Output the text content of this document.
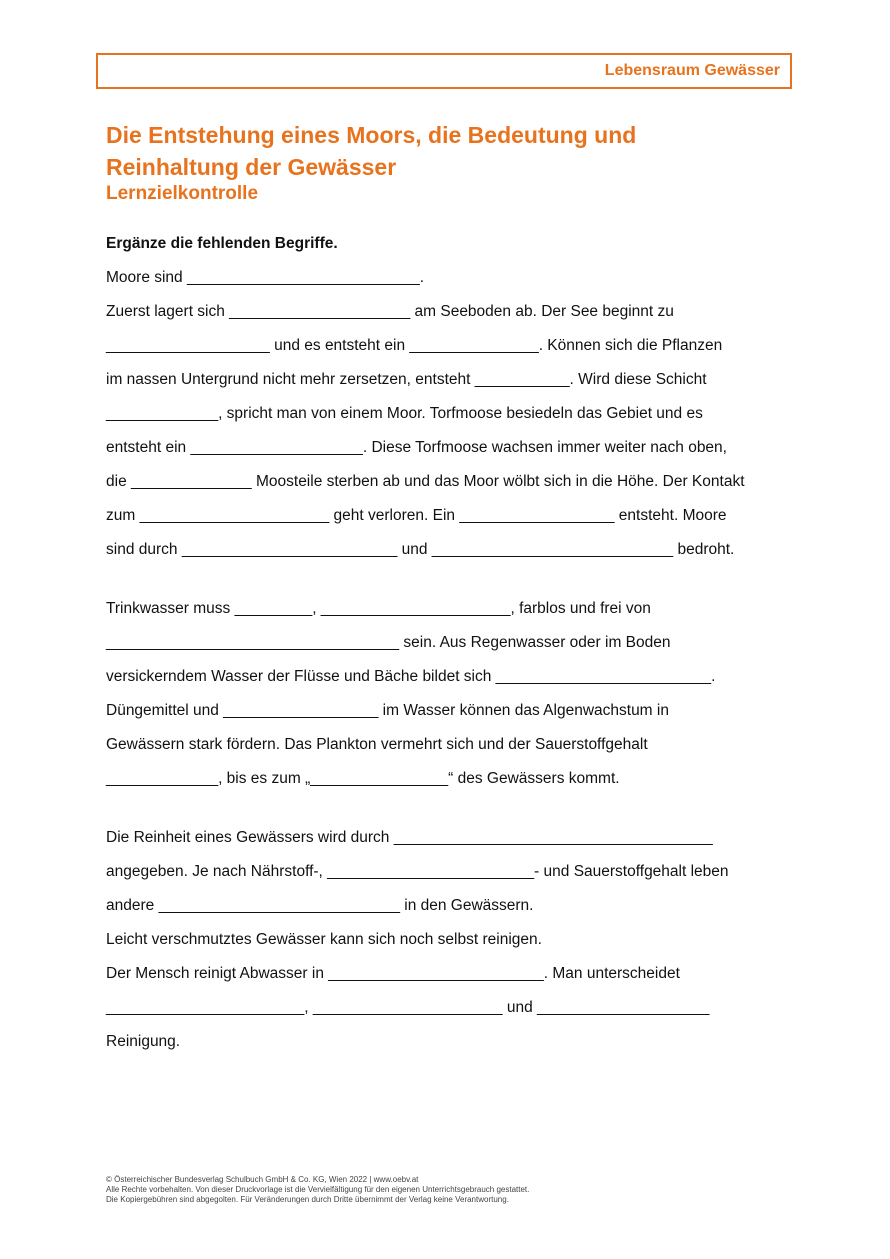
Lebensraum Gewässer
Die Entstehung eines Moors, die Bedeutung und
Reinhaltung der Gewässer
Lernzielkontrolle
Ergänze die fehlenden Begriffe.
Moore sind ___________________________.
Zuerst lagert sich _____________________ am Seeboden ab. Der See beginnt zu
___________________ und es entsteht ein _______________. Können sich die Pflanzen
im nassen Untergrund nicht mehr zersetzen, entsteht ___________. Wird diese Schicht
_____________, spricht man von einem Moor. Torfmoose besiedeln das Gebiet und es
entsteht ein ____________________. Diese Torfmoose wachsen immer weiter nach oben,
die ______________ Moosteile sterben ab und das Moor wölbt sich in die Höhe. Der Kontakt
zum ______________________ geht verloren. Ein __________________ entsteht. Moore
sind durch _________________________ und ____________________________ bedroht.
Trinkwasser muss _________, ______________________, farblos und frei von
__________________________________ sein. Aus Regenwasser oder im Boden
versickerndem Wasser der Flüsse und Bäche bildet sich _________________________.
Düngemittel und __________________ im Wasser können das Algenwachstum in
Gewässern stark fördern. Das Plankton vermehrt sich und der Sauerstoffgehalt
_____________, bis es zum „________________“ des Gewässers kommt.
Die Reinheit eines Gewässers wird durch _____________________________________
angegeben. Je nach Nährstoff-, ________________________- und Sauerstoffgehalt leben
andere ____________________________ in den Gewässern.
Leicht verschmutztes Gewässer kann sich noch selbst reinigen.
Der Mensch reinigt Abwasser in _________________________. Man unterscheidet
_______________________, ______________________ und ____________________
Reinigung.
© Österreichischer Bundesverlag Schulbuch GmbH & Co. KG, Wien 2022 | www.oebv.at
Alle Rechte vorbehalten. Von dieser Druckvorlage ist die Vervielfältigung für den eigenen Unterrichtsgebrauch gestattet.
Die Kopiergebühren sind abgegolten. Für Veränderungen durch Dritte übernimmt der Verlag keine Verantwortung.
